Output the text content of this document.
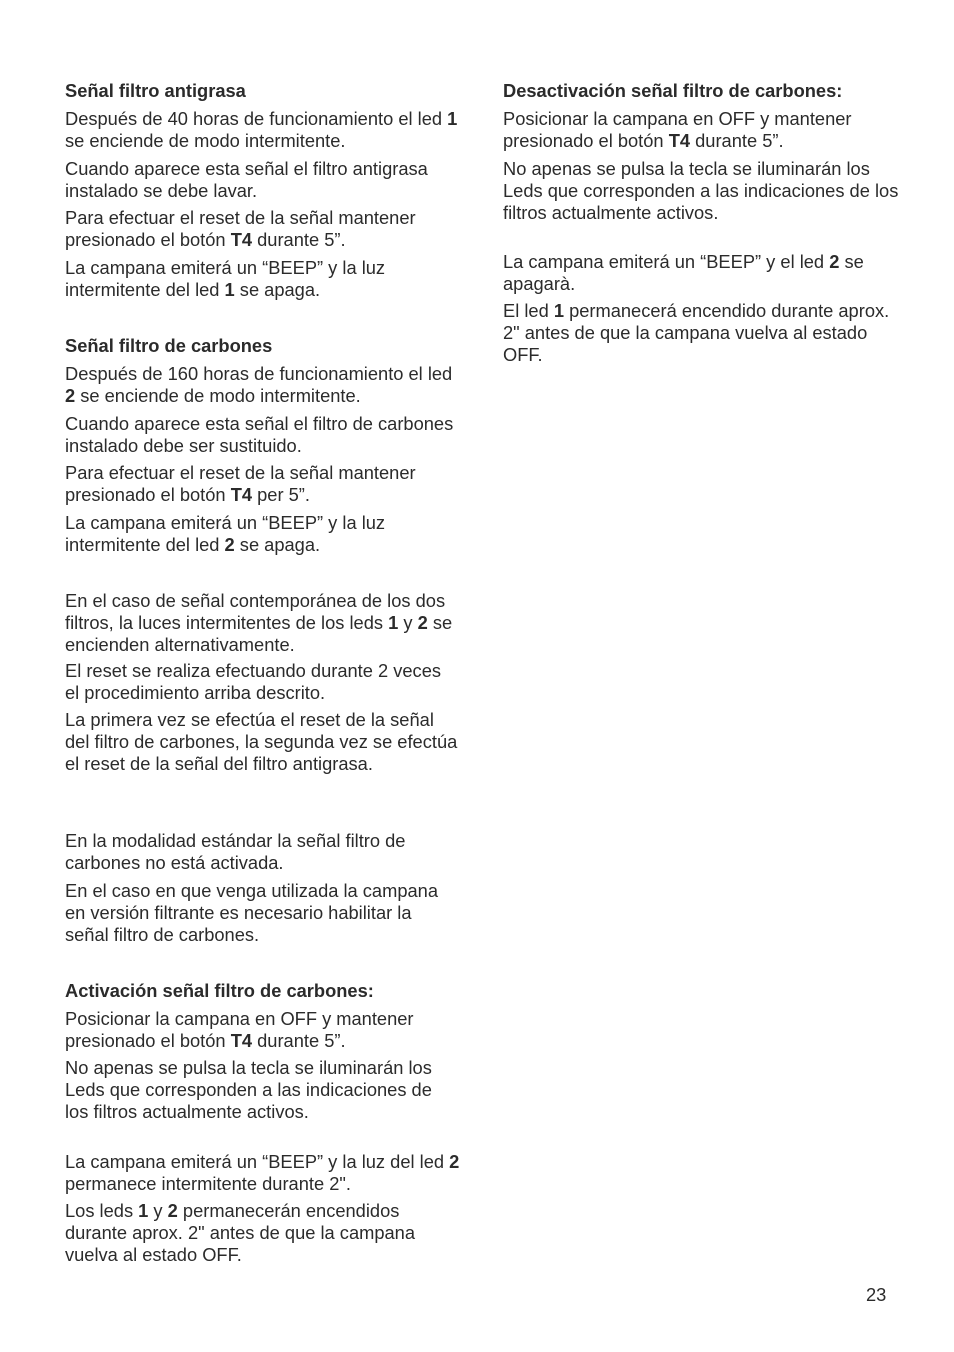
Señal filtro antigrasa

Después de 40 horas de funcionamiento el led 1 se enciende de modo intermitente.

Cuando aparece esta señal el filtro antigrasa instalado se debe lavar.

Para efectuar el reset de la señal mantener presionado el botón T4 durante 5”.

La campana emiterá un “BEEP” y la luz intermitente del led 1 se apaga.

Señal filtro de carbones

Después de 160 horas de funcionamiento el led 2 se enciende de modo intermitente.

Cuando aparece esta señal el filtro de carbones instalado debe ser sustituido.

Para efectuar el reset de la señal mantener presionado el botón T4 per 5”.

La campana emiterá un “BEEP” y la luz intermitente del led 2 se apaga.

En el caso de señal contemporánea de los dos filtros, la luces intermitentes de los leds 1 y 2 se encienden alternativamente.

El reset se realiza efectuando durante 2 veces el procedimiento arriba descrito.
La primera vez se efectúa el reset de la señal del filtro de carbones, la segunda vez se efectúa el reset de la señal del filtro antigrasa.
En la modalidad estándar la señal filtro de carbones no está activada.
En el caso en que venga utilizada la campana en versión filtrante es necesario habilitar la señal filtro de carbones.
Activación señal filtro de carbones:

Posicionar la campana en OFF y mantener presionado el botón T4 durante 5”.

No apenas se pulsa la tecla se iluminarán los Leds que corresponden a las indicaciones de los filtros actualmente activos.

La campana emiterá un “BEEP” y la luz del led 2 permanece intermitente durante 2".

Los leds 1 y 2 permanecerán encendidos durante aprox. 2" antes de que la campana vuelva al estado OFF.

Desactivación señal filtro de carbones:

Posicionar la campana en OFF y mantener presionado el botón T4 durante 5”.

No apenas se pulsa la tecla se iluminarán los Leds que corresponden a las indicaciones de los filtros actualmente activos.

La campana emiterá un “BEEP” y el led 2 se apagarà.

El led 1 permanecerá encendido durante aprox. 2" antes de que la campana vuelva al estado OFF.

23
